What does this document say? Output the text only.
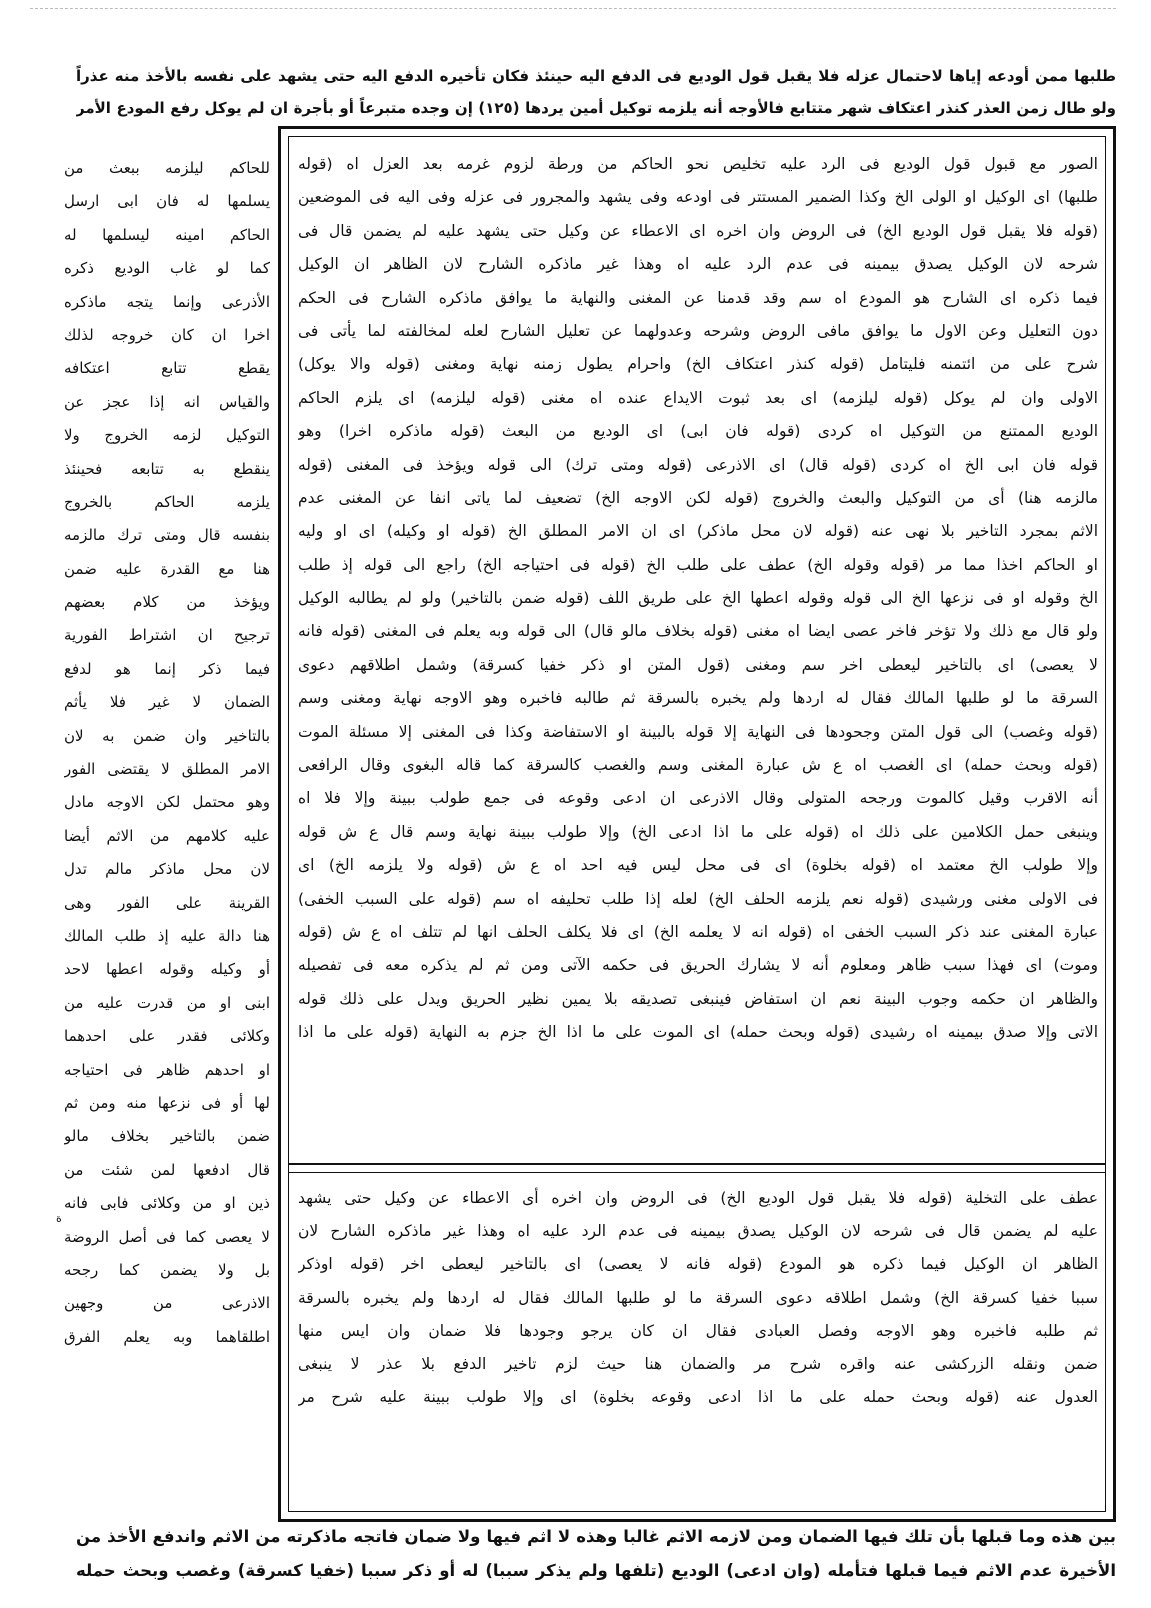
طلبها ممن أودعه إياها لاحتمال عزله فلا يقبل قول الوديع فى الدفع اليه حينئذ فكان تأخيره الدفع اليه حتى يشهد على نفسه بالأخذ منه عذراً
ولو طال زمن العذر كنذر اعتكاف شهر متتابع فالأوجه أنه يلزمه توكيل أمين يردها (١٢٥) إن وجده متبرعاً أو بأجرة ان لم يوكل رفع المودع الأمر
الصور مع قبول قول الوديع فى الرد عليه تخليص نحو الحاكم من ورطة لزوم غرمه بعد العزل اه (قوله
طلبها) اى الوكيل او الولى الخ وكذا الضمير المستتر فى اودعه وفى يشهد والمجرور فى عزله وفى اليه فى الموضعين
(قوله فلا يقبل قول الوديع الخ) فى الروض وان اخره اى الاعطاء عن وكيل حتى يشهد عليه لم يضمن قال فى
شرحه لان الوكيل يصدق بيمينه فى عدم الرد عليه اه وهذا غير ماذكره الشارح لان الظاهر ان الوكيل
فيما ذكره اى الشارح هو المودع اه سم وقد قدمنا عن المغنى والنهاية ما يوافق ماذكره الشارح فى الحكم
دون التعليل وعن الاول ما يوافق مافى الروض وشرحه وعدولهما عن تعليل الشارح لعله لمخالفته لما يأتى فى
شرح على من ائتمنه فليتامل (قوله كنذر اعتكاف الخ) واحرام يطول زمنه نهاية ومغنى (قوله والا يوكل)
الاولى وان لم يوكل (قوله ليلزمه) اى بعد ثبوت الايداع عنده اه مغنى (قوله ليلزمه) اى يلزم الحاكم
الوديع الممتنع من التوكيل اه كردى (قوله فان ابى) اى الوديع من البعث (قوله ماذكره اخرا) وهو
قوله فان ابى الخ اه كردى (قوله قال) اى الاذرعى (قوله ومتى ترك) الى قوله ويؤخذ فى المغنى (قوله
مالزمه هنا) أى من التوكيل والبعث والخروج (قوله لكن الاوجه الخ) تضعيف لما ياتى انفا عن المغنى عدم
الاثم بمجرد التاخير بلا نهى عنه (قوله لان محل ماذكر) اى ان الامر المطلق الخ (قوله او وكيله) اى او وليه
او الحاكم اخذا مما مر (قوله وقوله الخ) عطف على طلب الخ (قوله فى احتياجه الخ) راجع الى قوله إذ طلب
الخ وقوله او فى نزعها الخ الى قوله وقوله اعطها الخ على طريق اللف (قوله ضمن بالتاخير) ولو لم يطالبه الوكيل
ولو قال مع ذلك ولا تؤخر فاخر عصى ايضا اه مغنى (قوله بخلاف مالو قال) الى قوله وبه يعلم فى المغنى (قوله فانه
لا يعصى) اى بالتاخير ليعطى اخر سم ومغنى (قول المتن او ذكر خفيا كسرقة) وشمل اطلاقهم دعوى
السرقة ما لو طلبها المالك فقال له اردها ولم يخبره بالسرقة ثم طالبه فاخبره وهو الاوجه نهاية ومغنى وسم
(قوله وغصب) الى قول المتن وجحودها فى النهاية إلا قوله بالبينة او الاستفاضة وكذا فى المغنى إلا مسئلة الموت
(قوله وبحث حمله) اى الغصب اه ع ش عبارة المغنى وسم والغصب كالسرقة كما قاله البغوى وقال الرافعى
أنه الاقرب وقيل كالموت ورجحه المتولى وقال الاذرعى ان ادعى وقوعه فى جمع طولب ببينة وإلا فلا اه
وينبغى حمل الكلامين على ذلك اه (قوله على ما اذا ادعى الخ) وإلا طولب ببينة نهاية وسم قال ع ش قوله
وإلا طولب الخ معتمد اه (قوله بخلوة) اى فى محل ليس فيه احد اه ع ش (قوله ولا يلزمه الخ) اى
فى الاولى مغنى ورشيدى (قوله نعم يلزمه الحلف الخ) لعله إذا طلب تحليفه اه سم (قوله على السبب الخفى)
عبارة المغنى عند ذكر السبب الخفى اه (قوله انه لا يعلمه الخ) اى فلا يكلف الحلف انها لم تتلف اه ع ش (قوله
وموت) اى فهذا سبب ظاهر ومعلوم أنه لا يشارك الحريق فى حكمه الآتى ومن ثم لم يذكره معه فى تفصيله
والظاهر ان حكمه وجوب البينة نعم ان استفاض فينبغى تصديقه بلا يمين نظير الحريق ويدل على ذلك قوله
الاتى وإلا صدق بيمينه اه رشيدى (قوله وبحث حمله) اى الموت على ما اذا الخ جزم به النهاية (قوله على ما اذا
عطف على التخلية (قوله فلا يقبل قول الوديع الخ) فى الروض وان اخره أى الاعطاء عن وكيل حتى يشهد
عليه لم يضمن قال فى شرحه لان الوكيل يصدق بيمينه فى عدم الرد عليه اه وهذا غير ماذكره الشارح لان
الظاهر ان الوكيل فيما ذكره هو المودع (قوله فانه لا يعصى) اى بالتاخير ليعطى اخر (قوله اوذكر
سببا خفيا كسرقة الخ) وشمل اطلاقه دعوى السرقة ما لو طلبها المالك فقال له اردها ولم يخبره بالسرقة
ثم طلبه فاخبره وهو الاوجه وفصل العبادى فقال ان كان يرجو وجودها فلا ضمان وان ايس منها
ضمن ونقله الزركشى عنه واقره شرح مر والضمان هنا حيث لزم تاخير الدفع بلا عذر لا ينبغى
العدول عنه (قوله وبحث حمله على ما اذا ادعى وقوعه بخلوة) اى وإلا طولب ببينة عليه شرح مر
للحاكم ليلزمه ببعث من
يسلمها له فان ابى ارسل
الحاكم امينه ليسلمها له
كما لو غاب الوديع ذكره
الأذرعى وإنما يتجه ماذكره
اخرا ان كان خروجه لذلك
يقطع تتابع اعتكافه
والقياس انه إذا عجز عن
التوكيل لزمه الخروج ولا
ينقطع به تتابعه فحينئذ
يلزمه الحاكم بالخروج
بنفسه قال ومتى ترك مالزمه
هنا مع القدرة عليه ضمن
ويؤخذ من كلام بعضهم
ترجيح ان اشتراط الفورية
فيما ذكر إنما هو لدفع
الضمان لا غير فلا يأثم
بالتاخير وان ضمن به لان
الامر المطلق لا يقتضى الفور
وهو محتمل لكن الاوجه مادل
عليه كلامهم من الاثم أيضا
لان محل ماذكر مالم تدل
القرينة على الفور وهى
هنا دالة عليه إذ طلب المالك
أو وكيله وقوله اعطها لاحد
ابنى او من قدرت عليه من
وكلائى فقدر على احدهما
او احدهم ظاهر فى احتياجه
لها أو فى نزعها منه ومن ثم
ضمن بالتاخير بخلاف مالو
قال ادفعها لمن شئت من
ذين او من وكلائى فابى فانه
لا يعصى كما فى أصل الروضة
بل ولا يضمن كما رجحه
الاذرعى من وجهين
اطلقاهما وبه يعلم الفرق
ة
بين هذه وما قبلها بأن تلك فيها الضمان ومن لازمه الاثم غالبا وهذه لا اثم فيها ولا ضمان فاتجه ماذكرته من الاثم واندفع الأخذ من
الأخيرة عدم الاثم فيما قبلها فتأمله (وان ادعى) الوديع (تلفها ولم يذكر سببا) له أو ذكر سببا (خفيا كسرقة) وغصب وبحث حمله
